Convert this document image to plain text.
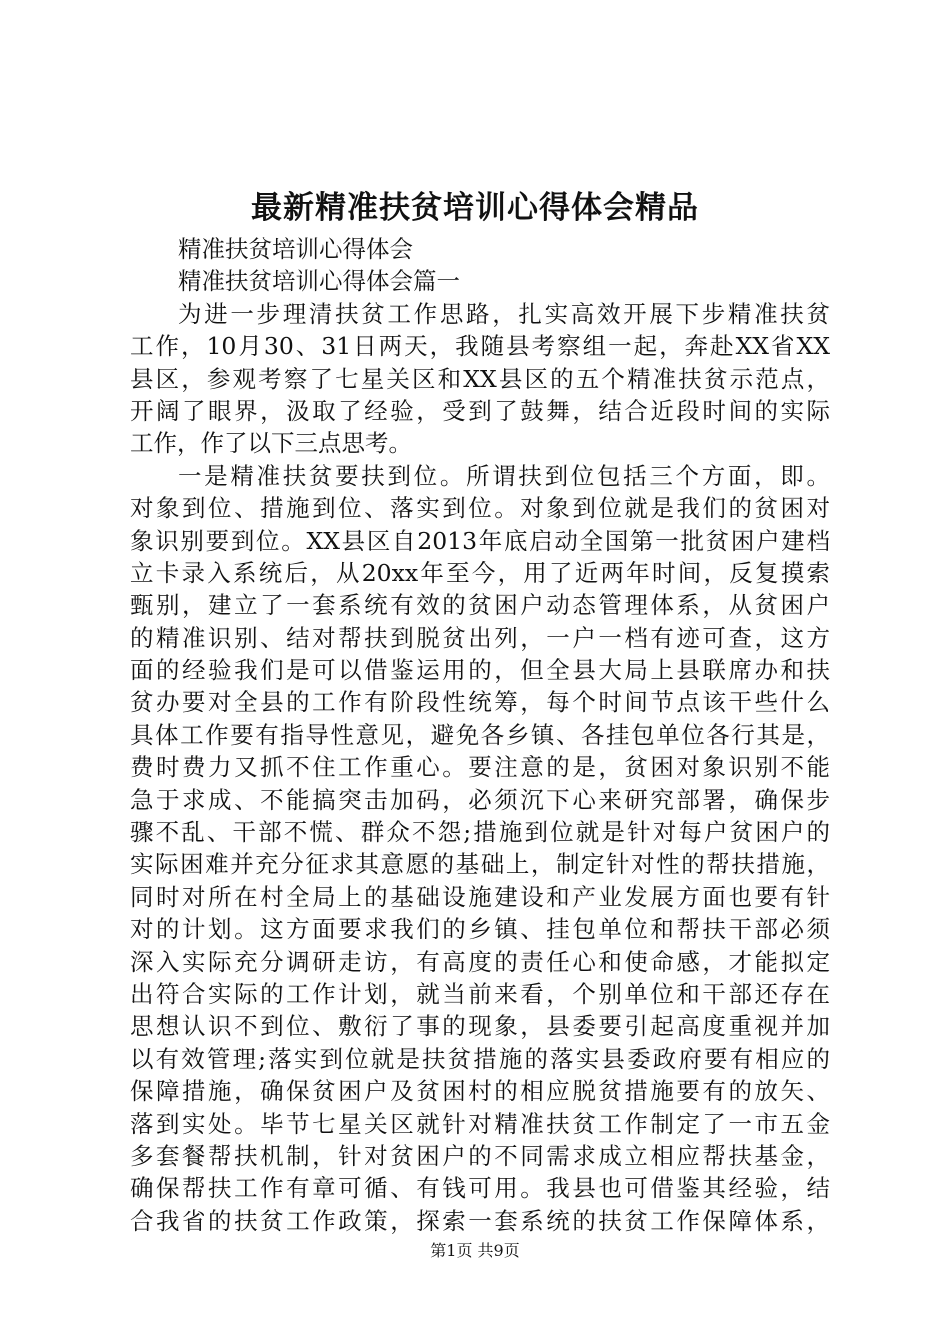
最新精准扶贫培训心得体会精品
精准扶贫培训心得体会
精准扶贫培训心得体会篇一
为进一步理清扶贫工作思路，扎实高效开展下步精准扶贫
工作，10月30、31日两天，我随县考察组一起，奔赴XX省XX
县区，参观考察了七星关区和XX县区的五个精准扶贫示范点，
开阔了眼界，汲取了经验，受到了鼓舞，结合近段时间的实际
工作，作了以下三点思考。
一是精准扶贫要扶到位。所谓扶到位包括三个方面，即。
对象到位、措施到位、落实到位。对象到位就是我们的贫困对
象识别要到位。XX县区自2013年底启动全国第一批贫困户建档
立卡录入系统后，从20xx年至今，用了近两年时间，反复摸索
甄别，建立了一套系统有效的贫困户动态管理体系，从贫困户
的精准识别、结对帮扶到脱贫出列，一户一档有迹可查，这方
面的经验我们是可以借鉴运用的，但全县大局上县联席办和扶
贫办要对全县的工作有阶段性统筹，每个时间节点该干些什么
具体工作要有指导性意见，避免各乡镇、各挂包单位各行其是，
费时费力又抓不住工作重心。要注意的是，贫困对象识别不能
急于求成、不能搞突击加码，必须沉下心来研究部署，确保步
骤不乱、干部不慌、群众不怨;措施到位就是针对每户贫困户的
实际困难并充分征求其意愿的基础上，制定针对性的帮扶措施，
同时对所在村全局上的基础设施建设和产业发展方面也要有针
对的计划。这方面要求我们的乡镇、挂包单位和帮扶干部必须
深入实际充分调研走访，有高度的责任心和使命感，才能拟定
出符合实际的工作计划，就当前来看，个别单位和干部还存在
思想认识不到位、敷衍了事的现象，县委要引起高度重视并加
以有效管理;落实到位就是扶贫措施的落实县委政府要有相应的
保障措施，确保贫困户及贫困村的相应脱贫措施要有的放矢、
落到实处。毕节七星关区就针对精准扶贫工作制定了一市五金
多套餐帮扶机制，针对贫困户的不同需求成立相应帮扶基金，
确保帮扶工作有章可循、有钱可用。我县也可借鉴其经验，结
合我省的扶贫工作政策，探索一套系统的扶贫工作保障体系，
第1页 共9页
